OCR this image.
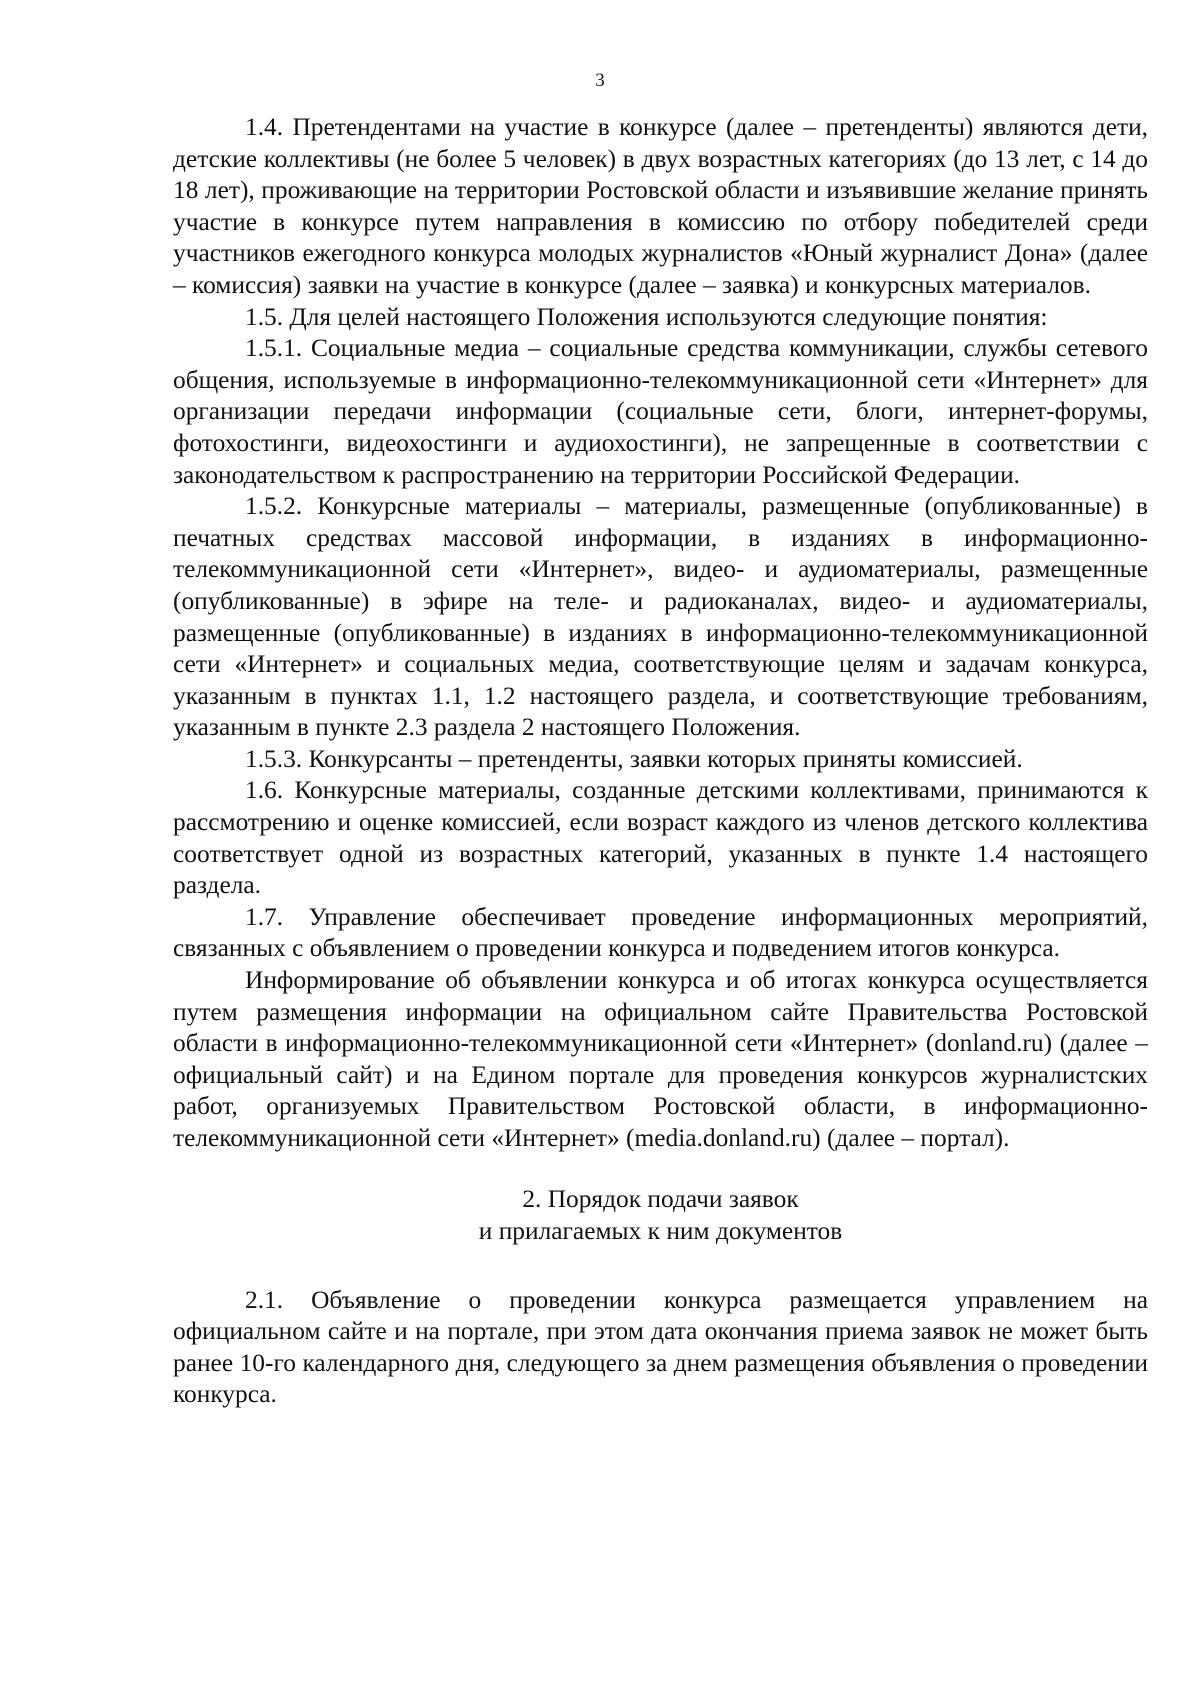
3

1.4. Претендентами на участие в конкурсе (далее – претенденты) являются дети, детские коллективы (не более 5 человек) в двух возрастных категориях (до 13 лет, с 14 до 18 лет), проживающие на территории Ростовской области и изъявившие желание принять участие в конкурсе путем направления в комиссию по отбору победителей среди участников ежегодного конкурса молодых журналистов «Юный журналист Дона» (далее – комиссия) заявки на участие в конкурсе (далее – заявка) и конкурсных материалов.

1.5. Для целей настоящего Положения используются следующие понятия:

1.5.1. Социальные медиа – социальные средства коммуникации, службы сетевого общения, используемые в информационно-телекоммуникационной сети «Интернет» для организации передачи информации (социальные сети, блоги, интернет-форумы, фотохостинги, видеохостинги и аудиохостинги), не запрещенные в соответствии с законодательством к распространению на территории Российской Федерации.

1.5.2. Конкурсные материалы – материалы, размещенные (опубликованные) в печатных средствах массовой информации, в изданиях в информационно-телекоммуникационной сети «Интернет», видео- и аудиоматериалы, размещенные (опубликованные) в эфире на теле- и радиоканалах, видео- и аудиоматериалы, размещенные (опубликованные) в изданиях в информационно-телекоммуникационной сети «Интернет» и социальных медиа, соответствующие целям и задачам конкурса, указанным в пунктах 1.1, 1.2 настоящего раздела, и соответствующие требованиям, указанным в пункте 2.3 раздела 2 настоящего Положения.

1.5.3. Конкурсанты – претенденты, заявки которых приняты комиссией.

1.6. Конкурсные материалы, созданные детскими коллективами, принимаются к рассмотрению и оценке комиссией, если возраст каждого из членов детского коллектива соответствует одной из возрастных категорий, указанных в пункте 1.4 настоящего раздела.

1.7. Управление обеспечивает проведение информационных мероприятий, связанных с объявлением о проведении конкурса и подведением итогов конкурса.

Информирование об объявлении конкурса и об итогах конкурса осуществляется путем размещения информации на официальном сайте Правительства Ростовской области в информационно-телекоммуникационной сети «Интернет» (donland.ru) (далее – официальный сайт) и на Едином портале для проведения конкурсов журналистских работ, организуемых Правительством Ростовской области, в информационно-телекоммуникационной сети «Интернет» (media.donland.ru) (далее – портал).

2. Порядок подачи заявок

и прилагаемых к ним документов

2.1. Объявление о проведении конкурса размещается управлением на официальном сайте и на портале, при этом дата окончания приема заявок не может быть ранее 10-го календарного дня, следующего за днем размещения объявления о проведении конкурса.
